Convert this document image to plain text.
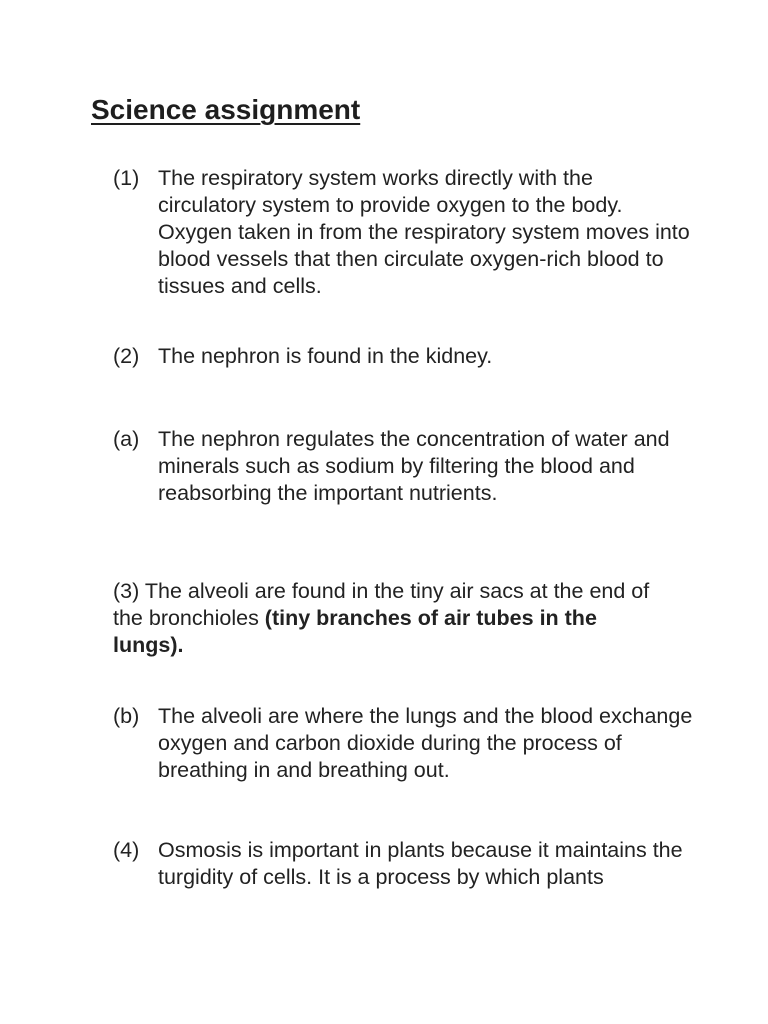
Science assignment
(1) The respiratory system works directly with the circulatory system to provide oxygen to the body. Oxygen taken in from the respiratory system moves into blood vessels that then circulate oxygen-rich blood to tissues and cells.
(2) The nephron is found in the kidney.
(a) The nephron regulates the concentration of water and minerals such as sodium by filtering the blood and reabsorbing the important nutrients.
(3) The alveoli are found in the tiny air sacs at the end of the bronchioles (tiny branches of air tubes in the lungs).
(b) The alveoli are where the lungs and the blood exchange oxygen and carbon dioxide during the process of breathing in and breathing out.
(4) Osmosis is important in plants because it maintains the turgidity of cells. It is a process by which plants
